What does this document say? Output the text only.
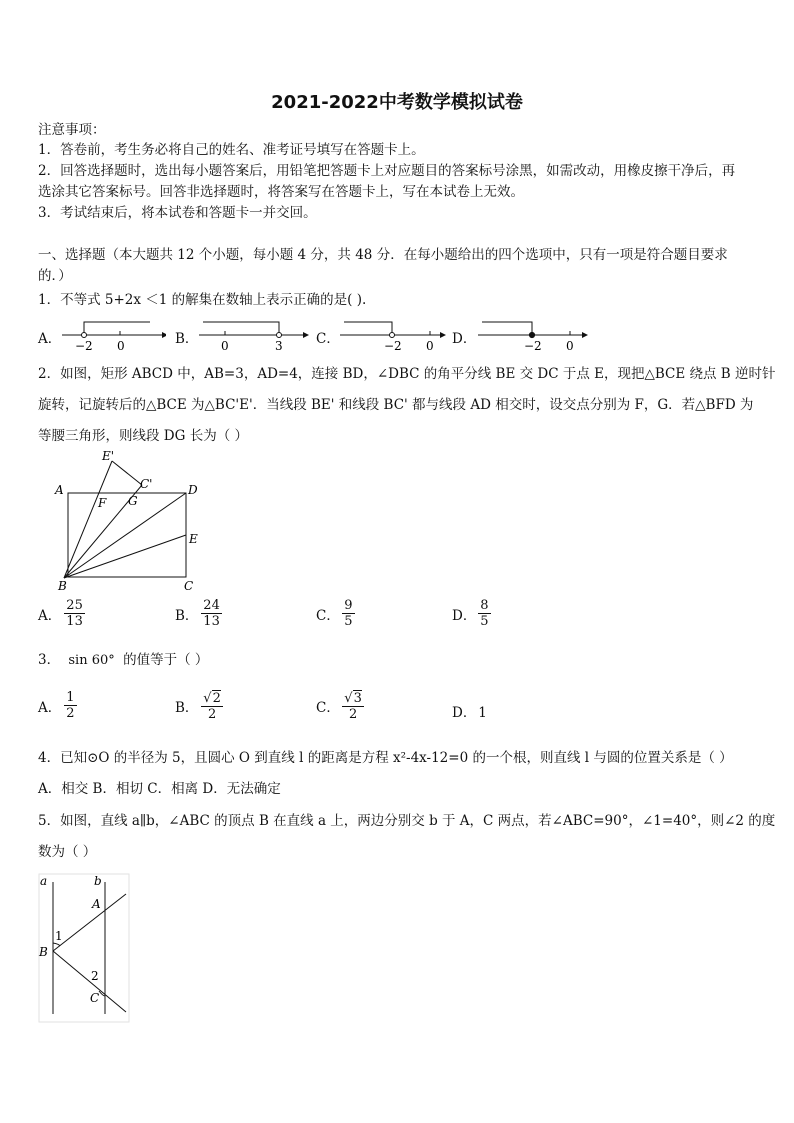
2021-2022中考数学模拟试卷
注意事项：
1．答卷前，考生务必将自己的姓名、准考证号填写在答题卡上。
2．回答选择题时，选出每小题答案后，用铅笔把答题卡上对应题目的答案标号涂黑，如需改动，用橡皮擦干净后，再
选涂其它答案标号。回答非选择题时，将答案写在答题卡上，写在本试卷上无效。
3．考试结束后，将本试卷和答题卡一并交回。
一、选择题（本大题共 12 个小题，每小题 4 分，共 48 分．在每小题给出的四个选项中，只有一项是符合题目要求
的．）
1．不等式 5+2x ＜1 的解集在数轴上表示正确的是( ).
A． −2 0	B． 0	3 C．	−2 0 D．	−2 0
2．如图，矩形 ABCD 中，AB=3，AD=4，连接 BD，∠DBC 的角平分线 BE 交 DC 于点 E，现把△BCE 绕点 B 逆时针
旋转，记旋转后的△BCE 为△BC'E'．当线段 BE' 和线段 BC' 都与线段 AD 相交时，设交点分别为 F，G．若△BFD 为
等腰三角形，则线段 DG 长为（ ）
E'
C'
A	D
F G
E
B	C
A． $\frac{25}{13}$	B． $\frac{24}{13}$	C． $\frac{9}{5}$	D． $\frac{8}{5}$
3． sin 60° 的值等于（ ）
A． $\frac{1}{2}$	B． $\frac{√2}{2}$	C． $\frac{√3}{2}$	D． 1
4．已知⊙O 的半径为 5，且圆心 O 到直线 l 的距离是方程 x²-4x-12=0 的一个根，则直线 l 与圆的位置关系是（ ）
A．相交 B．相切 C．相离 D．无法确定
5．如图，直线 a∥b，∠ABC 的顶点 B 在直线 a 上，两边分别交 b 于 A，C 两点，若∠ABC=90°，∠1=40°，则∠2 的度
数为（ ）
a	b
A
1
B
2
C
